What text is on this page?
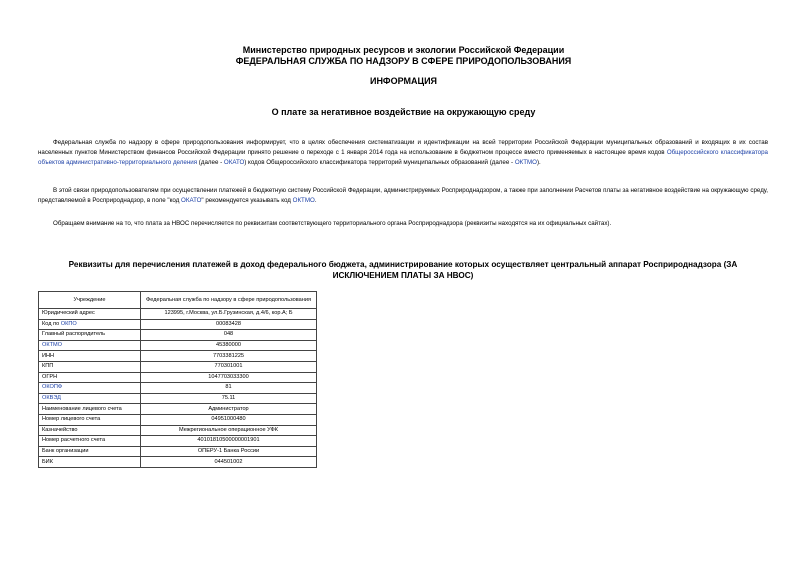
Министерство природных ресурсов и экологии Российской Федерации
ФЕДЕРАЛЬНАЯ СЛУЖБА ПО НАДЗОРУ В СФЕРЕ ПРИРОДОПОЛЬЗОВАНИЯ
ИНФОРМАЦИЯ
О плате за негативное воздействие на окружающую среду
Федеральная служба по надзору в сфере природопользования информирует, что в целях обеспечения систематизации и идентификации на всей территории Российской Федерации муниципальных образований и входящих в их состав населенных пунктов Министерством финансов Российской Федерации принято решение о переходе с 1 января 2014 года на использование в бюджетном процессе вместо применяемых в настоящее время кодов Общероссийского классификатора объектов административно-территориального деления (далее - ОКАТО) кодов Общероссийского классификатора территорий муниципальных образований (далее - ОКТМО).
В этой связи природопользователям при осуществлении платежей в бюджетную систему Российской Федерации, администрируемых Росприроднадзором, а также при заполнении Расчетов платы за негативное воздействие на окружающую среду, представляемой в Росприроднадзор, в поле "код ОКАТО" рекомендуется указывать код ОКТМО.
Обращаем внимание на то, что плата за НВОС перечисляется по реквизитам соответствующего территориального органа Росприроднадзора (реквизиты находятся на их официальных сайтах).
Реквизиты для перечисления платежей в доход федерального бюджета, администрирование которых осуществляет центральный аппарат Росприроднадзора (ЗА ИСКЛЮЧЕНИЕМ ПЛАТЫ ЗА НВОС)
Учреждение	Федеральная служба по надзору в сфере природопользования
Юридический адрес	123995, г.Москва, ул.Б.Грузинская, д.4/6, кор.А; Б
Код по ОКПО	00083428
Главный распорядитель	048
ОКТМО	45380000
ИНН	7703381225
КПП	770301001
ОГРН	1047703033300
ОКОПФ	81
ОКВЭД	75.11
Наименование лицевого счета	Администратор
Номер лицевого счета	04951000480
Казначейство	Межрегиональное операционное УФК
Номер расчетного счета	40101810500000001901
Банк организации	ОПЕРУ-1 Банка России
БИК	044501002
